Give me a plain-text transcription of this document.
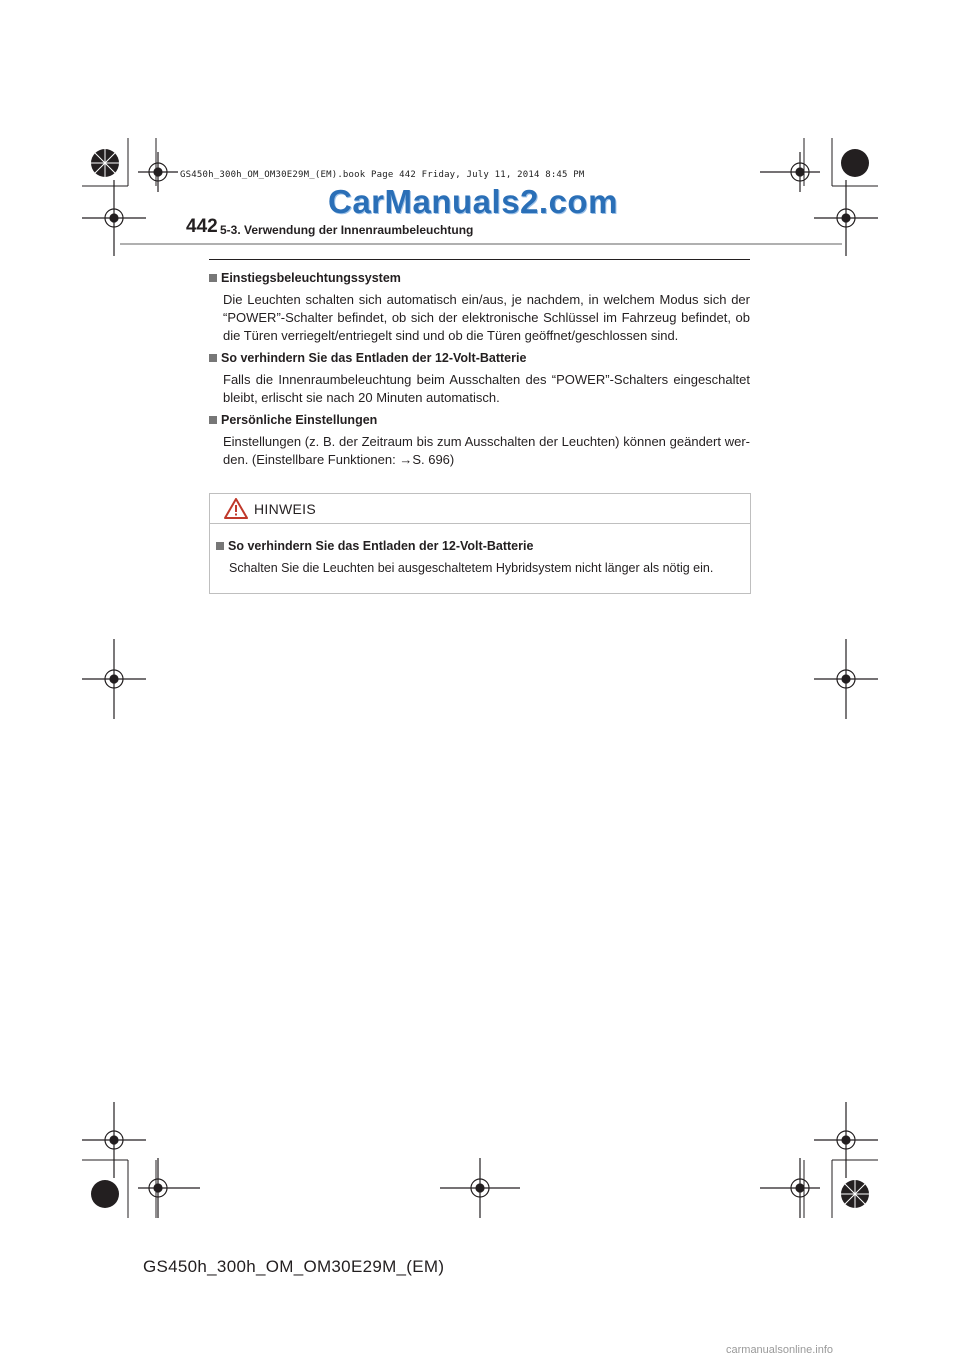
GS450h_300h_OM_OM30E29M_(EM).book Page 442 Friday, July 11, 2014 8:45 PM
CarManuals2.com
442 5-3. Verwendung der Innenraumbeleuchtung
Einstiegsbeleuchtungssystem
Die Leuchten schalten sich automatisch ein/aus, je nachdem, in welchem Modus sich der “POWER”-Schalter befindet, ob sich der elektronische Schlüssel im Fahrzeug befindet, ob die Türen verriegelt/entriegelt sind und ob die Türen geöffnet/geschlossen sind.
So verhindern Sie das Entladen der 12-Volt-Batterie
Falls die Innenraumbeleuchtung beim Ausschalten des “POWER”-Schalters eingeschaltet bleibt, erlischt sie nach 20 Minuten automatisch.
Persönliche Einstellungen
Einstellungen (z. B. der Zeitraum bis zum Ausschalten der Leuchten) können geändert wer-den. (Einstellbare Funktionen: →S. 696)
HINWEIS
So verhindern Sie das Entladen der 12-Volt-Batterie
Schalten Sie die Leuchten bei ausgeschaltetem Hybridsystem nicht länger als nötig ein.
GS450h_300h_OM_OM30E29M_(EM)
carmanualsonline.info
